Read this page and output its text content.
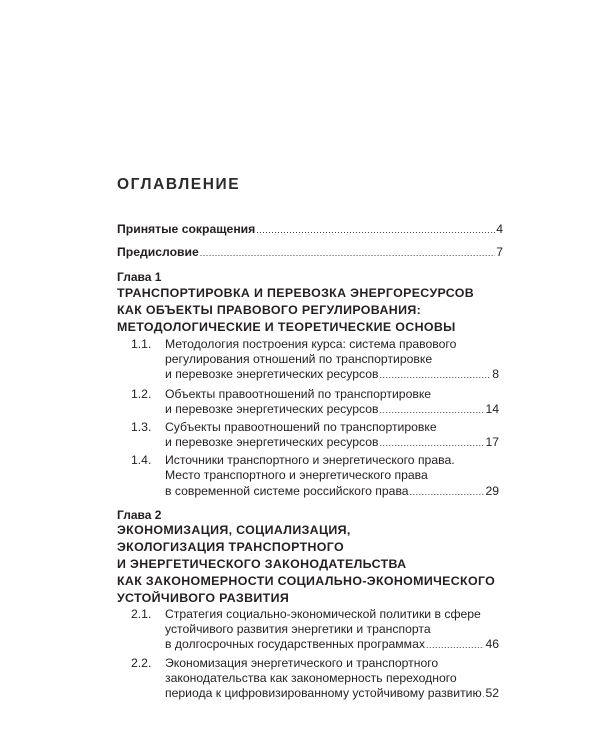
ОГЛАВЛЕНИЕ
Принятые сокращения .....	4
Предисловие .....	7
Глава 1
ТРАНСПОРТИРОВКА И ПЕРЕВОЗКА ЭНЕРГОРЕСУРСОВ
КАК ОБЪЕКТЫ ПРАВОВОГО РЕГУЛИРОВАНИЯ:
МЕТОДОЛОГИЧЕСКИЕ И ТЕОРЕТИЧЕСКИЕ ОСНОВЫ
1.1. Методология построения курса: система правового
регулирования отношений по транспортировке
и перевозке энергетических ресурсов .....	8
1.2. Объекты правоотношений по транспортировке
и перевозке энергетических ресурсов .....	14
1.3. Субъекты правоотношений по транспортировке
и перевозке энергетических ресурсов .....	17
1.4. Источники транспортного и энергетического права.
Место транспортного и энергетического права
в современной системе российского права .....	29
Глава 2
ЭКОНОМИЗАЦИЯ, СОЦИАЛИЗАЦИЯ,
ЭКОЛОГИЗАЦИЯ ТРАНСПОРТНОГО
И ЭНЕРГЕТИЧЕСКОГО ЗАКОНОДАТЕЛЬСТВА
КАК ЗАКОНОМЕРНОСТИ СОЦИАЛЬНО-ЭКОНОМИЧЕСКОГО
УСТОЙЧИВОГО РАЗВИТИЯ
2.1. Стратегия социально-экономической политики в сфере
устойчивого развития энергетики и транспорта
в долгосрочных государственных программах .....	46
2.2. Экономизация энергетического и транспортного
законодательства как закономерность переходного
периода к цифровизированному устойчивому развитию ..... 52
